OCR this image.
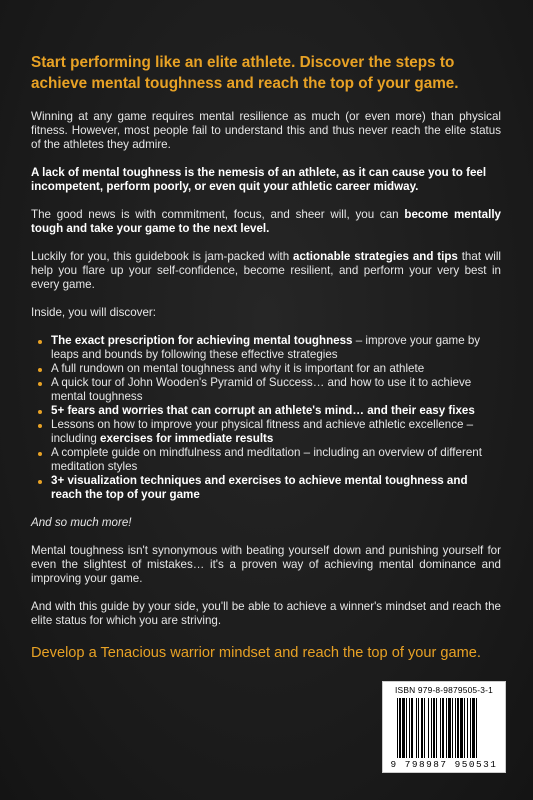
Start performing like an elite athlete. Discover the steps to achieve mental toughness and reach the top of your game.

Winning at any game requires mental resilience as much (or even more) than physical fitness. However, most people fail to understand this and thus never reach the elite status of the athletes they admire.

A lack of mental toughness is the nemesis of an athlete, as it can cause you to feel incompetent, perform poorly, or even quit your athletic career midway.

The good news is with commitment, focus, and sheer will, you can become mentally tough and take your game to the next level.

Luckily for you, this guidebook is jam-packed with actionable strategies and tips that will help you flare up your self-confidence, become resilient, and perform your very best in every game.

Inside, you will discover:

The exact prescription for achieving mental toughness – improve your game by leaps and bounds by following these effective strategies
A full rundown on mental toughness and why it is important for an athlete
A quick tour of John Wooden's Pyramid of Success… and how to use it to achieve mental toughness
5+ fears and worries that can corrupt an athlete's mind… and their easy fixes
Lessons on how to improve your physical fitness and achieve athletic excellence – including exercises for immediate results
A complete guide on mindfulness and meditation – including an overview of different meditation styles
3+ visualization techniques and exercises to achieve mental toughness and reach the top of your game

And so much more!

Mental toughness isn't synonymous with beating yourself down and punishing yourself for even the slightest of mistakes… it's a proven way of achieving mental dominance and improving your game.

And with this guide by your side, you'll be able to achieve a winner's mindset and reach the elite status for which you are striving.

Develop a Tenacious warrior mindset and reach the top of your game.
ISBN 979-8-9879505-3-1
9 798987 950531
